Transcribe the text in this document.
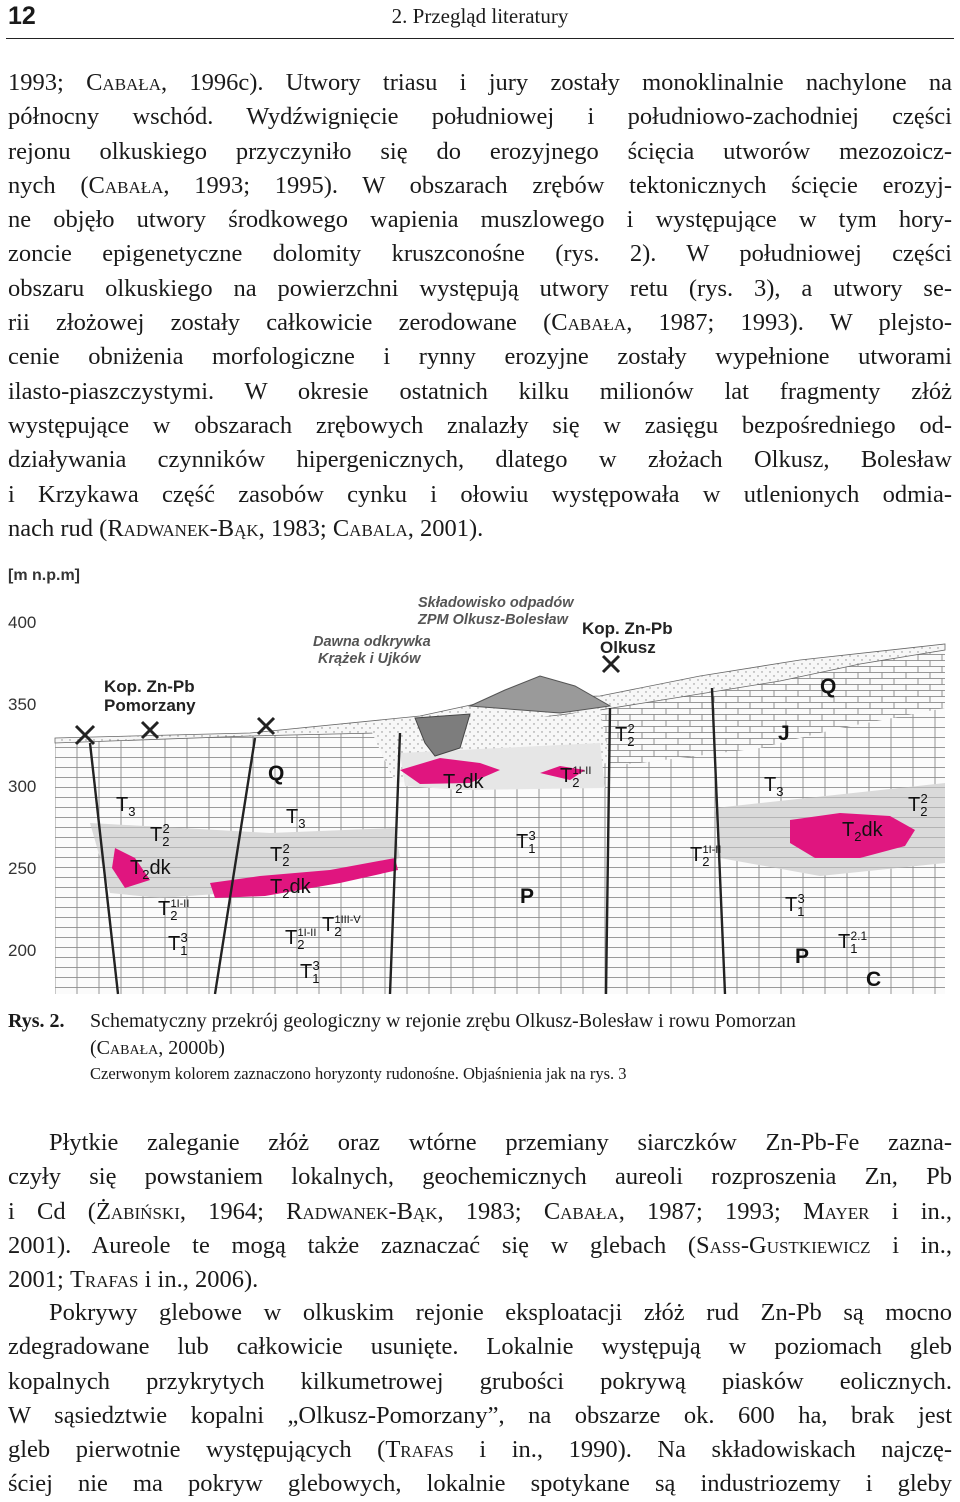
12	2. Przegląd literatury
1993; Cabała, 1996c). Utwory triasu i jury zostały monoklinalnie nachylone na
północny wschód. Wydźwignięcie południowej i południowo-zachodniej części
rejonu olkuskiego przyczyniło się do erozyjnego ścięcia utworów mezozoicz-
nych (Cabała, 1993; 1995). W obszarach zrębów tektonicznych ścięcie erozyj-
ne objęło utwory środkowego wapienia muszlowego i występujące w tym hory-
zoncie epigenetyczne dolomity kruszconośne (rys. 2). W południowej części
obszaru olkuskiego na powierzchni występują utwory retu (rys. 3), a utwory se-
rii złożowej zostały całkowicie zerodowane (Cabała, 1987; 1993). W plejsto-
cenie obniżenia morfologiczne i rynny erozyjne zostały wypełnione utworami
ilasto-piaszczystymi. W okresie ostatnich kilku milionów lat fragmenty złóż
występujące w obszarach zrębowych znalazły się w zasięgu bezpośredniego od-
działywania czynników hipergenicznych, dlatego w złożach Olkusz, Bolesław
i Krzykawa część zasobów cynku i ołowiu występowała w utlenionych odmia-
nach rud (Radwanek-Bąk, 1983; Cabala, 2001).
[m n.p.m]
400
350
300
250
200
Składowisko odpadów
ZPM Olkusz-Bolesław
Dawna odkrywka
Krążek i Ujków
Kop. Zn-Pb
Olkusz
Kop. Zn-Pb
Pomorzany
Q
J
Q
P
P
C
$T_3$	$T_3$
$T_3$
$T_22$
$T_22$
$T_22$
$T_22$
$T_2dk$
$T_2dk$
$T_2dk$
$T_2dk$
$T_21I-II$
$T_21I-II$
$T_21I-II$
$T_21I-II$
$T_21III-V$
$T_13$
$T_13$
$T_13$
$T_13$
$T_12.1$
Rys. 2. Schematyczny przekrój geologiczny w rejonie zrębu Olkusz-Bolesław i rowu Pomorzan
(Cabała, 2000b)
Czerwonym kolorem zaznaczono horyzonty rudonośne. Objaśnienia jak na rys. 3
Płytkie zaleganie złóż oraz wtórne przemiany siarczków Zn-Pb-Fe zazna-
czyły się powstaniem lokalnych, geochemicznych aureoli rozproszenia Zn, Pb
i Cd (Żabiński, 1964; Radwanek-Bąk, 1983; Cabała, 1987; 1993; Mayer i in.,
2001). Aureole te mogą także zaznaczać się w glebach (Sass-Gustkiewicz i in.,
2001; Trafas i in., 2006).
Pokrywy glebowe w olkuskim rejonie eksploatacji złóż rud Zn-Pb są mocno
zdegradowane lub całkowicie usunięte. Lokalnie występują w poziomach gleb
kopalnych przykrytych kilkumetrowej grubości pokrywą piasków eolicznych.
W sąsiedztwie kopalni „Olkusz-Pomorzany”, na obszarze ok. 600 ha, brak jest
gleb pierwotnie występujących (Trafas i in., 1990). Na składowiskach najczę-
ściej nie ma pokryw glebowych, lokalnie spotykane są industriozemy i gleby
